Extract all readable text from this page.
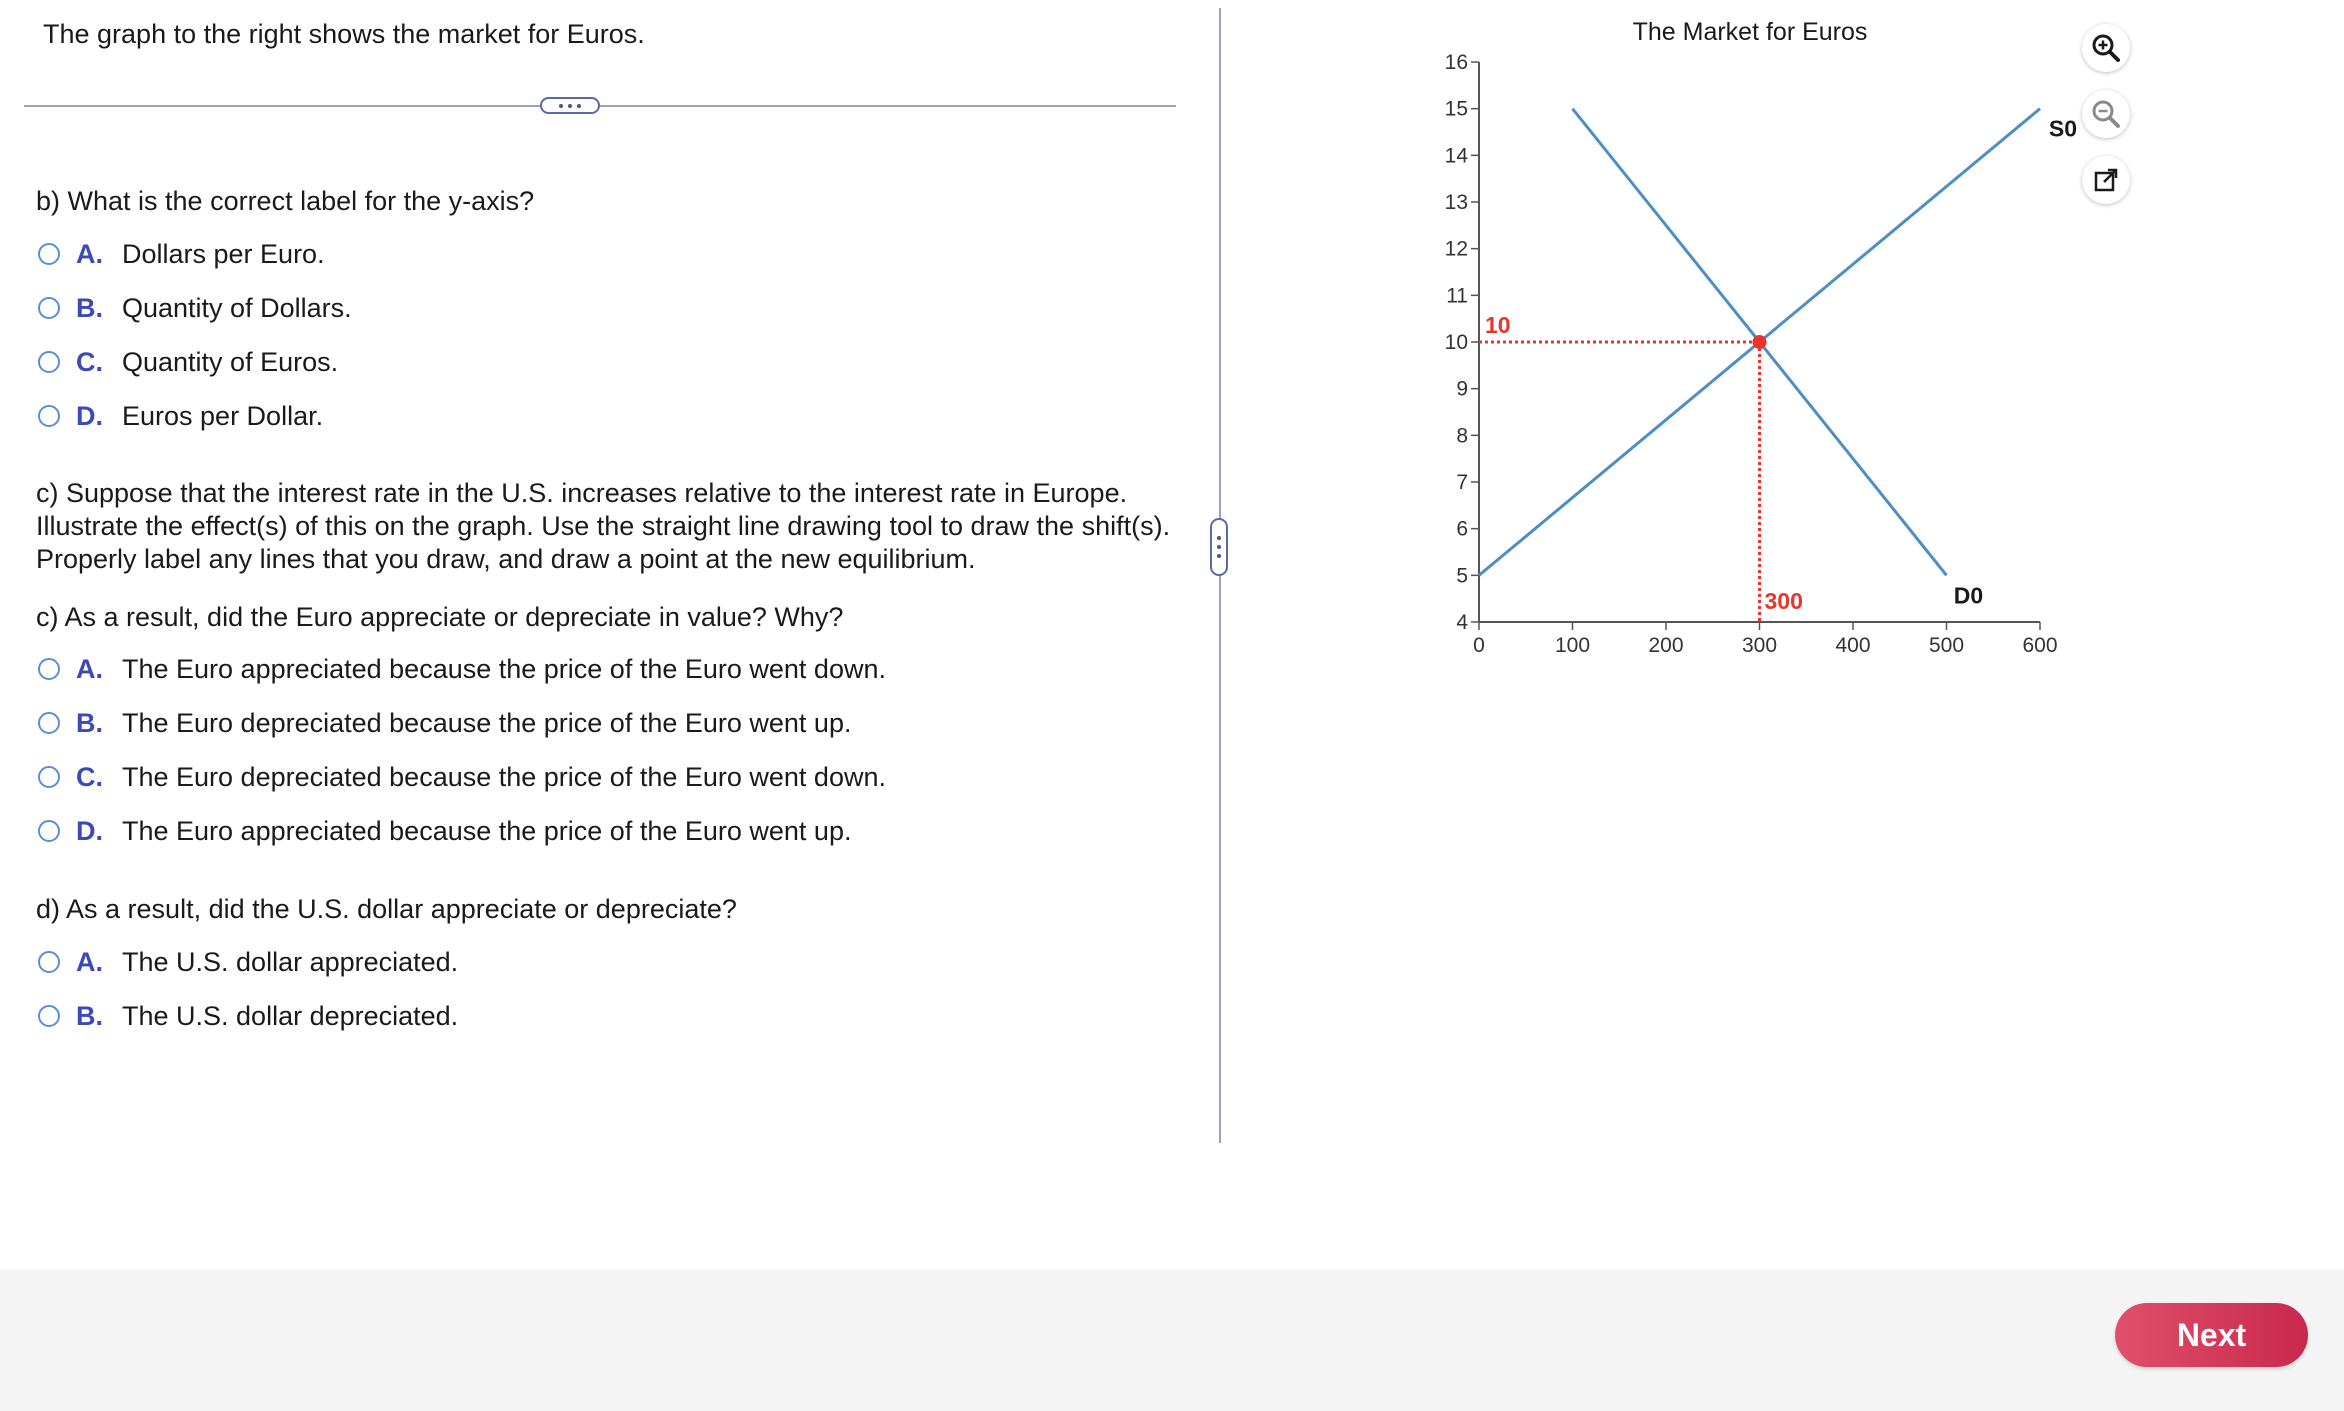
The graph to the right shows the market for Euros.
b) What is the correct label for the y-axis?
A. Dollars per Euro.
B. Quantity of Dollars.
C. Quantity of Euros.
D. Euros per Dollar.
c) Suppose that the interest rate in the U.S. increases relative to the interest rate in Europe.
Illustrate the effect(s) of this on the graph. Use the straight line drawing tool to draw the shift(s).
Properly label any lines that you draw, and draw a point at the new equilibrium.
c) As a result, did the Euro appreciate or depreciate in value? Why?
A. The Euro appreciated because the price of the Euro went down.
B. The Euro depreciated because the price of the Euro went up.
C. The Euro depreciated because the price of the Euro went down.
D. The Euro appreciated because the price of the Euro went up.
d) As a result, did the U.S. dollar appreciate or depreciate?
A. The U.S. dollar appreciated.
B. The U.S. dollar depreciated.
The Market for Euros
0	100	200	300	400	500	600
4
5
6
7
8
9
10
11
12
13
14
15
16
D0
S0
10
300
Next
